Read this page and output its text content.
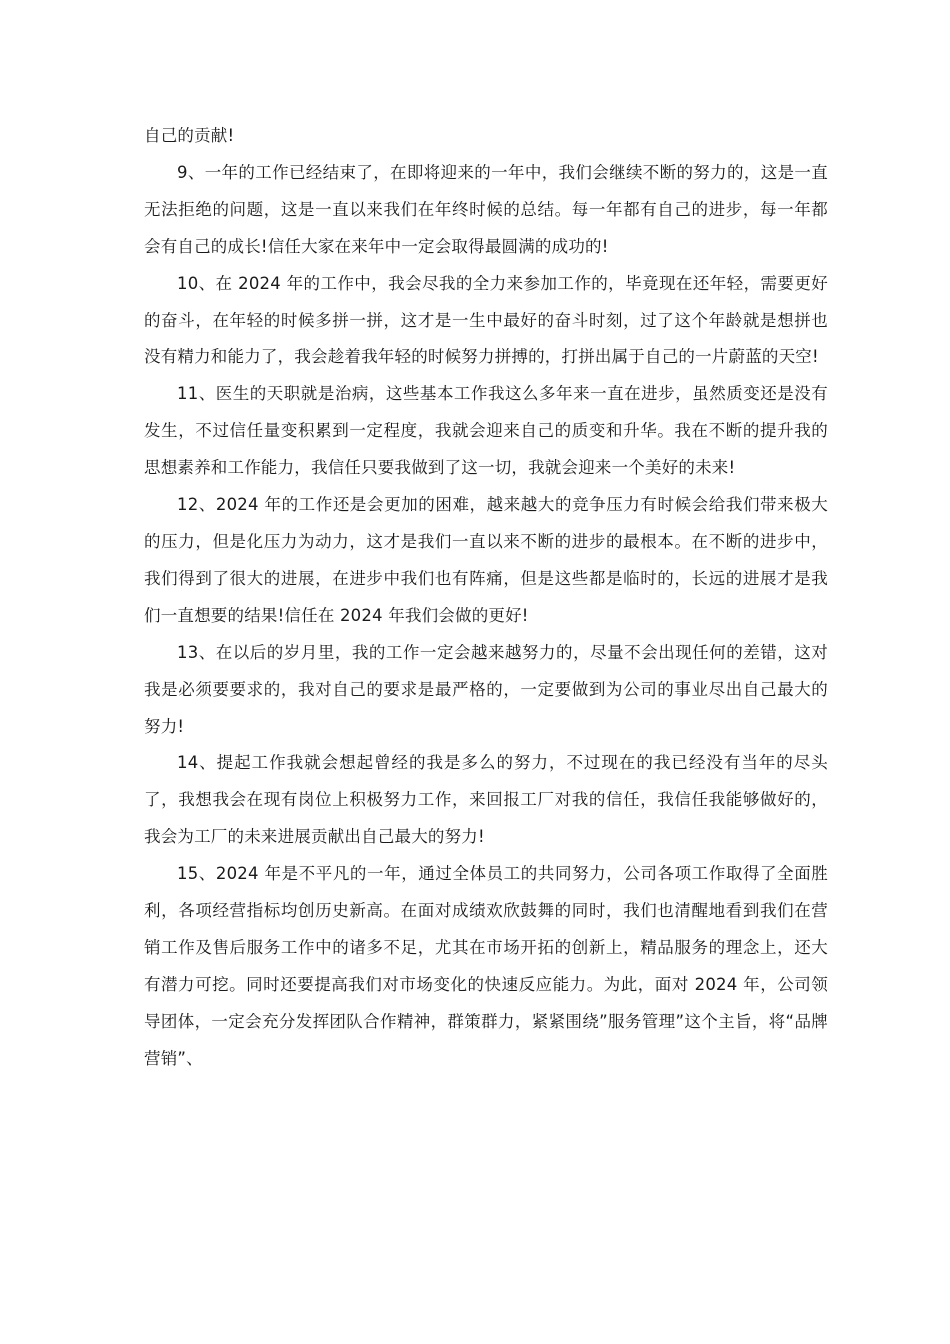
自己的贡献!

9、一年的工作已经结束了，在即将迎来的一年中，我们会继续不断的努力的，这是一直无法拒绝的问题，这是一直以来我们在年终时候的总结。每一年都有自己的进步，每一年都会有自己的成长!信任大家在来年中一定会取得最圆满的成功的!

10、在 2024 年的工作中，我会尽我的全力来参加工作的，毕竟现在还年轻，需要更好的奋斗，在年轻的时候多拼一拼，这才是一生中最好的奋斗时刻，过了这个年龄就是想拼也没有精力和能力了，我会趁着我年轻的时候努力拼搏的，打拼出属于自己的一片蔚蓝的天空!

11、医生的天职就是治病，这些基本工作我这么多年来一直在进步，虽然质变还是没有发生，不过信任量变积累到一定程度，我就会迎来自己的质变和升华。我在不断的提升我的思想素养和工作能力，我信任只要我做到了这一切，我就会迎来一个美好的未来!

12、2024 年的工作还是会更加的困难，越来越大的竞争压力有时候会给我们带来极大的压力，但是化压力为动力，这才是我们一直以来不断的进步的最根本。在不断的进步中，我们得到了很大的进展，在进步中我们也有阵痛，但是这些都是临时的，长远的进展才是我们一直想要的结果!信任在 2024 年我们会做的更好!

13、在以后的岁月里，我的工作一定会越来越努力的，尽量不会出现任何的差错，这对我是必须要要求的，我对自己的要求是最严格的，一定要做到为公司的事业尽出自己最大的努力!

14、提起工作我就会想起曾经的我是多么的努力，不过现在的我已经没有当年的尽头了，我想我会在现有岗位上积极努力工作，来回报工厂对我的信任，我信任我能够做好的，我会为工厂的未来进展贡献出自己最大的努力!

15、2024 年是不平凡的一年，通过全体员工的共同努力，公司各项工作取得了全面胜利，各项经营指标均创历史新高。在面对成绩欢欣鼓舞的同时，我们也清醒地看到我们在营销工作及售后服务工作中的诸多不足，尤其在市场开拓的创新上，精品服务的理念上，还大有潜力可挖。同时还要提高我们对市场变化的快速反应能力。为此，面对 2024 年，公司领导团体，一定会充分发挥团队合作精神，群策群力，紧紧围绕”服务管理”这个主旨，将“品牌营销”、
